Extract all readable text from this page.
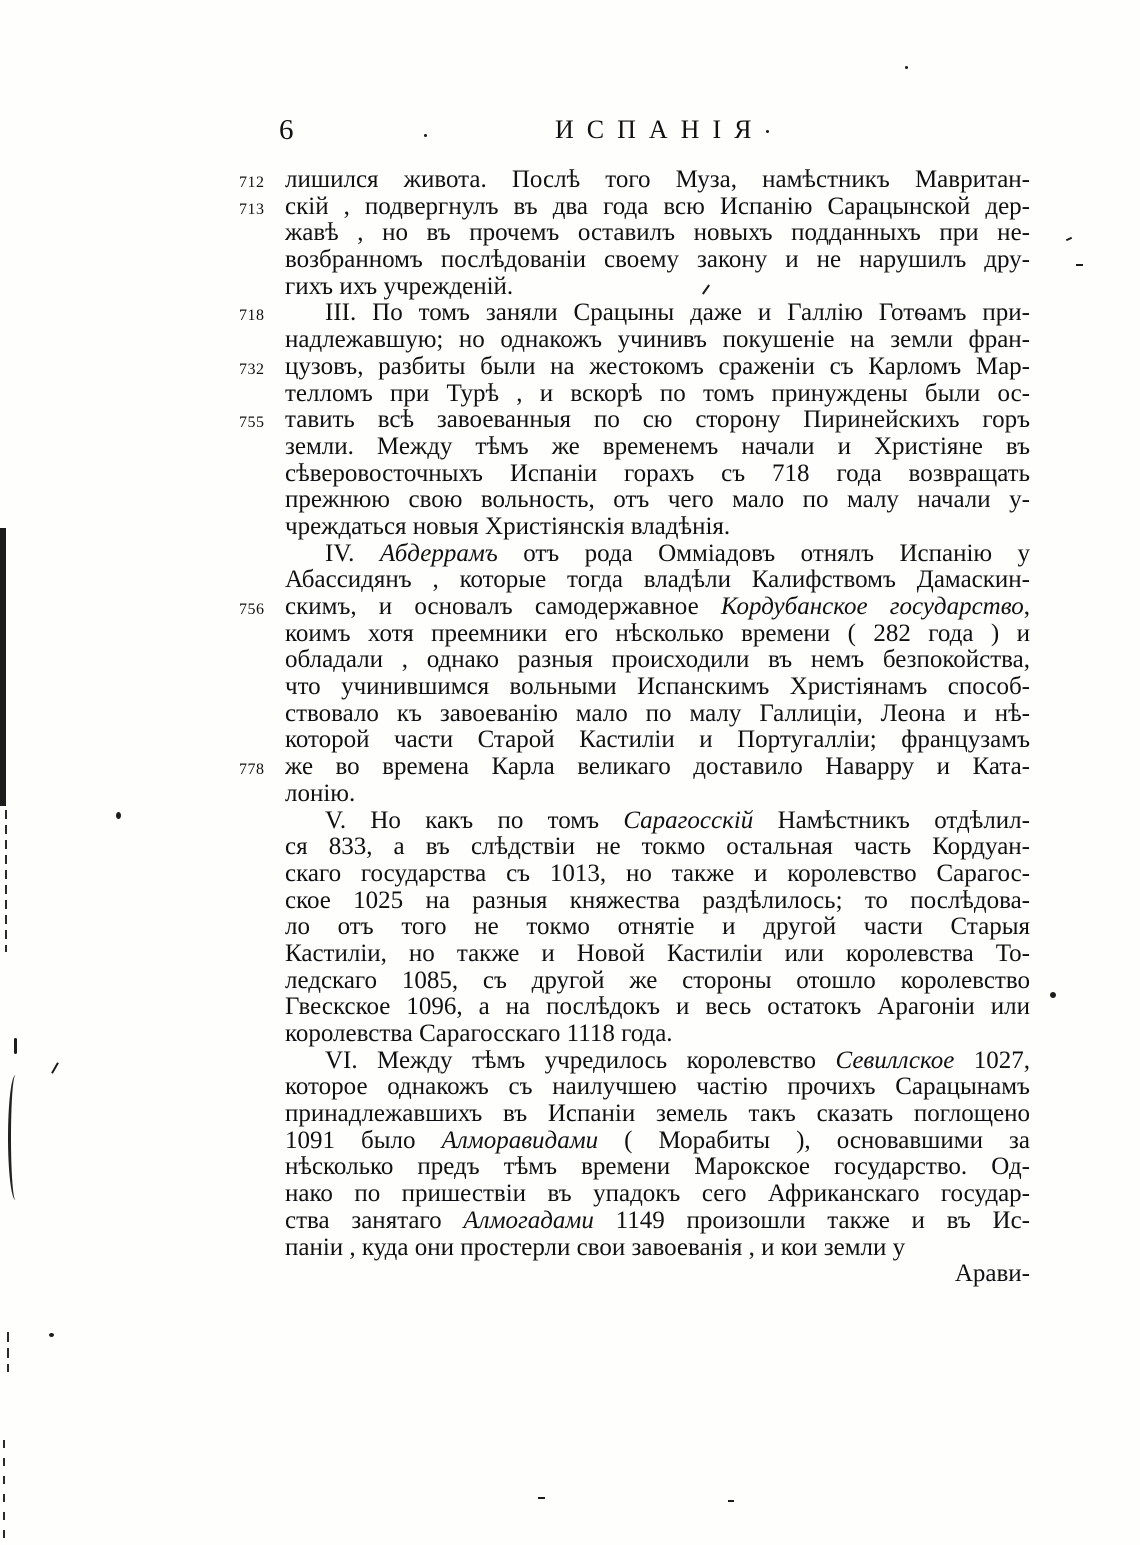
6	ИСПАНІЯ
712 лишился живота. Послѣ того Муза, намѣстникъ Мавритан-
713 скій , подвергнулъ въ два года всю Испанію Сарацынской дер-
жавѣ , но въ прочемъ оставилъ новыхъ подданныхъ при не-
возбранномъ послѣдованіи своему закону и не нарушилъ дру-
гихъ ихъ учрежденій.
718 III. По томъ заняли Срацыны даже и Галлію Готѳамъ при-
надлежавшую; но однакожъ учинивъ покушеніе на земли фран-
732 цузовъ, разбиты были на жестокомъ сраженіи съ Карломъ Мар-
телломъ при Турѣ , и вскорѣ по томъ принуждены были ос-
755 тавить всѣ завоеванныя по сю сторону Пиринейскихъ горъ
земли. Между тѣмъ же временемъ начали и Христіяне въ
сѣверовосточныхъ Испаніи горахъ съ 718 года возвращать
прежнюю свою вольность, отъ чего мало по малу начали у-
чреждаться новыя Христіянскія владѣнія.
IV. Абдеррамъ отъ рода Омміадовъ отнялъ Испанію у
Абассидянъ , которые тогда владѣли Калифствомъ Дамаскин-
756 скимъ, и основалъ самодержавное Кордубанское государство,
коимъ хотя преемники его нѣсколько времени ( 282 года ) и
обладали , однако разныя происходили въ немъ безпокойства,
что учинившимся вольными Испанскимъ Христіянамъ способ-
ствовало къ завоеванію мало по малу Галлиціи, Леона и нѣ-
которой части Старой Кастиліи и Португалліи; французамъ
778 же во времена Карла великаго доставило Наварру и Ката-
лонію.
V. Но какъ по томъ Сарагосскій Намѣстникъ отдѣлил-
ся 833, а въ слѣдствіи не токмо остальная часть Кордуан-
скаго государства съ 1013, но также и королевство Сарагос-
ское 1025 на разныя княжества раздѣлилось; то послѣдова-
ло отъ того не токмо отнятіе и другой части Старыя
Кастиліи, но также и Новой Кастиліи или королевства То-
ледскаго 1085, съ другой же стороны отошло королевство
Гвескское 1096, а на послѣдокъ и весь остатокъ Арагоніи или
королевства Сарагосскаго 1118 года.
VI. Между тѣмъ учредилось королевство Севиллское 1027,
которое однакожъ съ наилучшею частію прочихъ Сарацынамъ
принадлежавшихъ въ Испаніи земель такъ сказать поглощено
1091 было Алморавидами ( Морабиты ), основавшими за
нѣсколько предъ тѣмъ времени Марокское государство. Од-
нако по пришествіи въ упадокъ сего Африканскаго государ-
ства занятаго Алмогадами 1149 произошли также и въ Ис-
паніи , куда они простерли свои завоеванія , и кои земли у
Арави-
